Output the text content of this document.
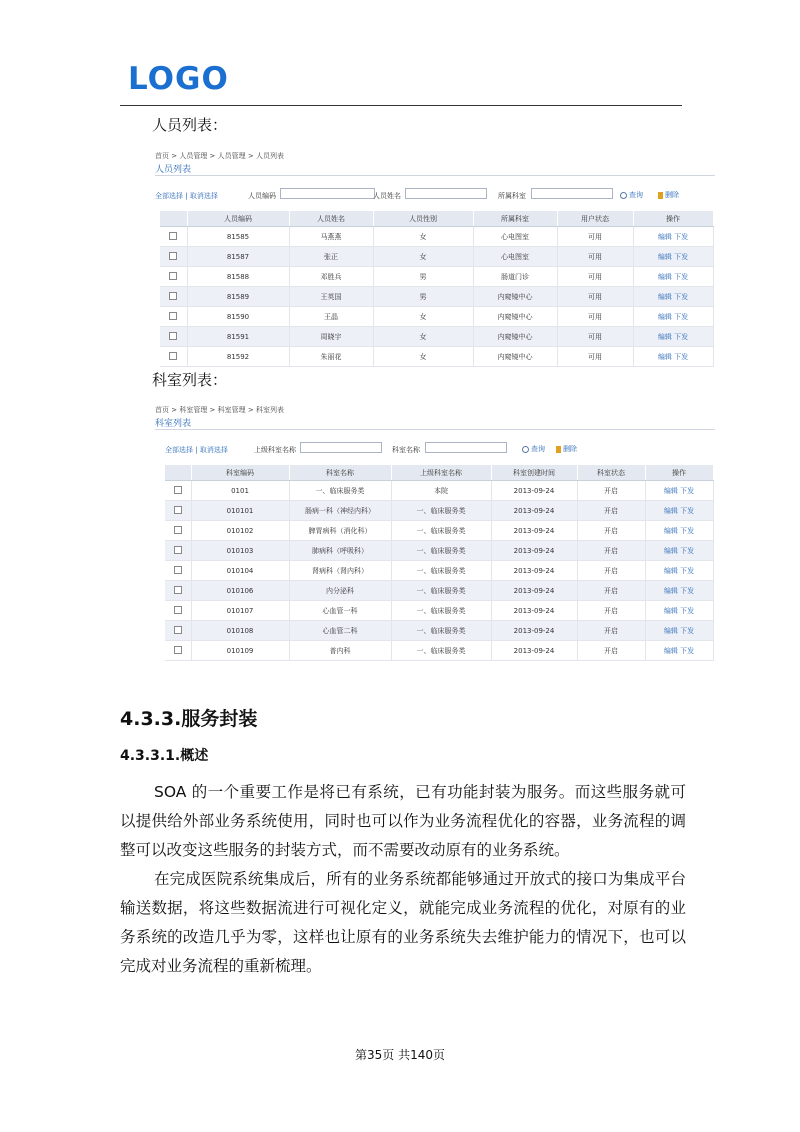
LOGO
人员列表：
首页 > 人员管理 > 人员管理 > 人员列表
人员列表
全部选择 | 取消选择	人员编码	人员姓名	所属科室	查询	删除
	人员编码	人员姓名	人员性别	所属科室	用户状态	操作
	81585	马燕燕	女	心电图室	可用	编辑 下发
	81587	张正	女	心电图室	可用	编辑 下发
	81588	邓胜兵	男	肠道门诊	可用	编辑 下发
	81589	王英国	男	内窥镜中心	可用	编辑 下发
	81590	王晶	女	内窥镜中心	可用	编辑 下发
	81591	周晓宇	女	内窥镜中心	可用	编辑 下发
	81592	朱丽花	女	内窥镜中心	可用	编辑 下发
科室列表：
首页 > 科室管理 > 科室管理 > 科室列表
科室列表
全部选择 | 取消选择	上级科室名称	科室名称	查询	删除
	科室编码	科室名称	上级科室名称	科室创建时间	科室状态	操作
	0101	一、临床服务类	本院	2013-09-24	开启	编辑 下发
	010101	肠病一科（神经内科）	一、临床服务类	2013-09-24	开启	编辑 下发
	010102	脾胃病科（消化科）	一、临床服务类	2013-09-24	开启	编辑 下发
	010103	肺病科（呼吸科）	一、临床服务类	2013-09-24	开启	编辑 下发
	010104	肾病科（肾内科）	一、临床服务类	2013-09-24	开启	编辑 下发
	010106	内分泌科	一、临床服务类	2013-09-24	开启	编辑 下发
	010107	心血管一科	一、临床服务类	2013-09-24	开启	编辑 下发
	010108	心血管二科	一、临床服务类	2013-09-24	开启	编辑 下发
	010109	普内科	一、临床服务类	2013-09-24	开启	编辑 下发
4.3.3.服务封装
4.3.3.1.概述
SOA 的一个重要工作是将已有系统，已有功能封装为服务。而这些服务就可以提供给外部业务系统使用，同时也可以作为业务流程优化的容器，业务流程的调整可以改变这些服务的封装方式，而不需要改动原有的业务系统。
在完成医院系统集成后，所有的业务系统都能够通过开放式的接口为集成平台输送数据，将这些数据流进行可视化定义，就能完成业务流程的优化，对原有的业务系统的改造几乎为零，这样也让原有的业务系统失去维护能力的情况下，也可以完成对业务流程的重新梳理。
第35页 共140页
